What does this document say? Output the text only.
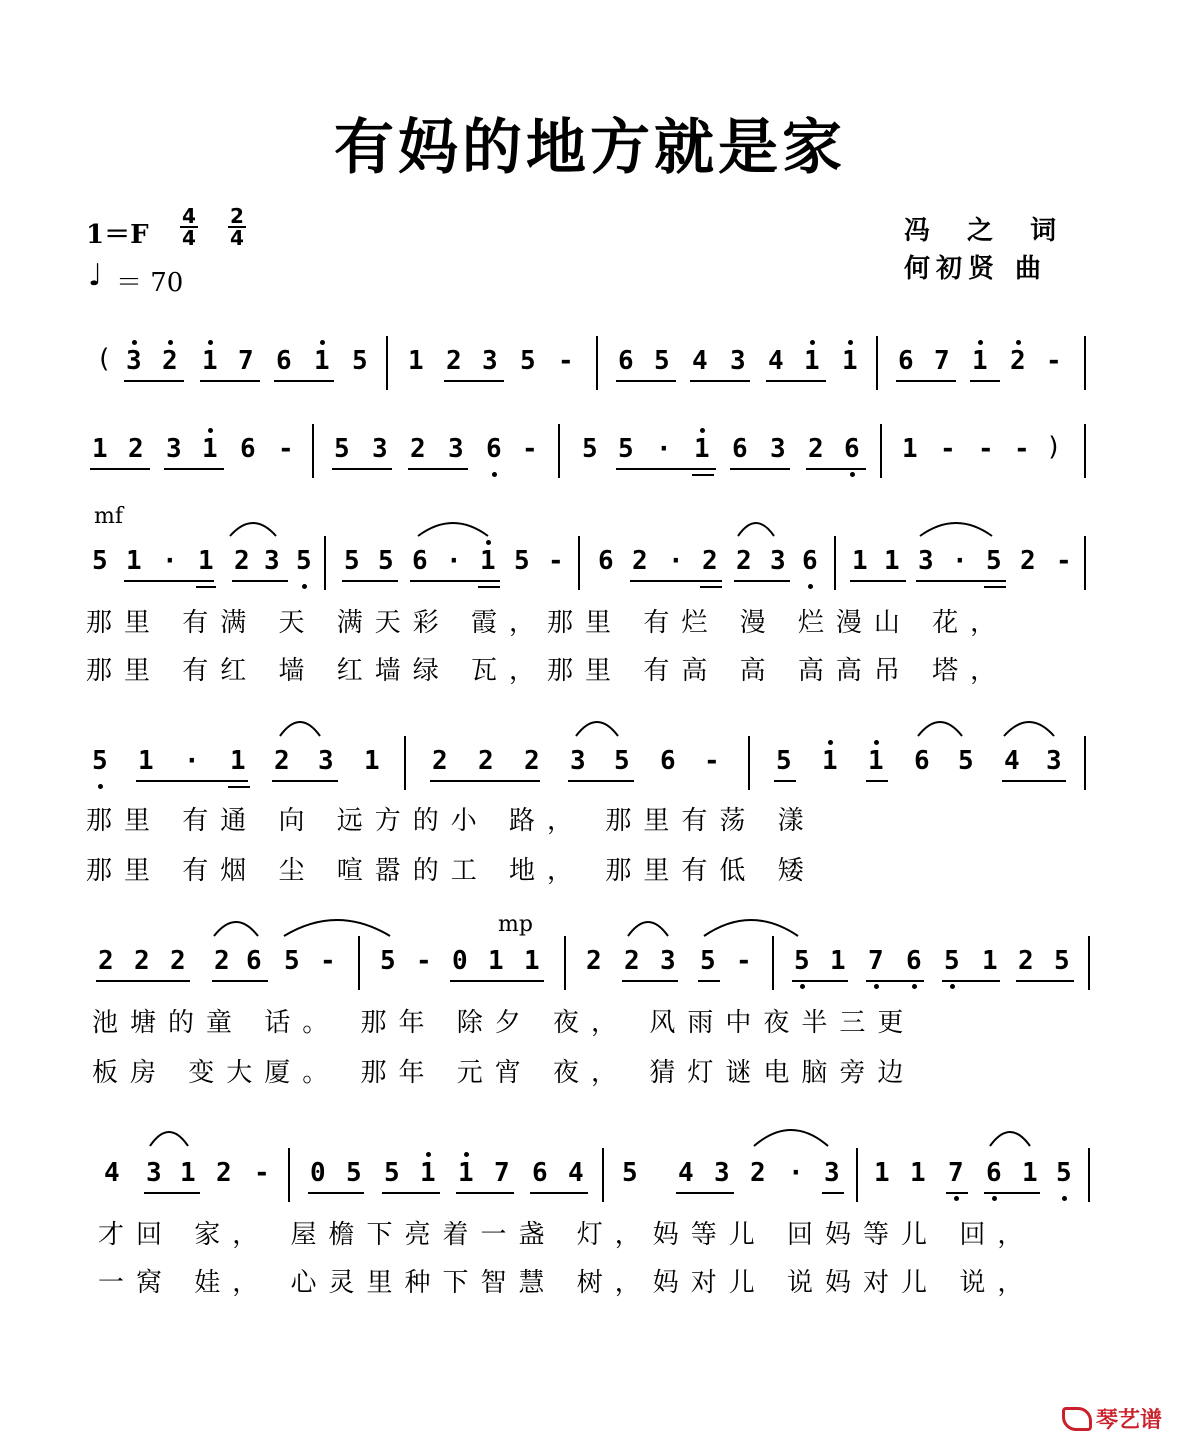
有妈的地方就是家
$1=F \frac{4}{4} \frac{2}{4}$
♩ ＝ 70
冯 之 词
何初贤 曲
( 3 2 1 7 6 1 5 1 2 3 5 - 6 5 4 3 4 1 1 6 7 1 2 -
1 2 3 1 6 - 5 3 2 3 6 - 5 5 · 1 6 3 2 6 1 - - - )
mf
5 1 · 1 2 3 5 5 5 6 · 1 5 - 6 2 · 2 2 3 6 1 1 3 · 5 2 -
那里 有满 天 满天彩 霞，那里 有烂 漫 烂漫山 花，
那里 有红 墙 红墙绿 瓦，那里 有高 高 高高吊 塔，
5 1 · 1 2 3 1 2 2 2 3 5 6 - 5 1 1 6 5 4 3
那里 有通 向 远方的小 路， 那里有荡 漾
那里 有烟 尘 喧嚣的工 地， 那里有低 矮
mp
2 2 2 2 6 5 - 5 - 0 1 1 2 2 3 5 - 5 1 7 6 5 1 2 5
池塘的童 话。 那年 除夕 夜， 风雨中夜半三更
板房 变大厦。 那年 元宵 夜， 猜灯谜电脑旁边
4 3 1 2 - 0 5 5 1 1 7 6 4 5 4 3 2 · 3 1 1 7 6 1 5
才回 家， 屋檐下亮着一盏 灯，妈等儿 回妈等儿 回，
一窝 娃， 心灵里种下智慧 树，妈对儿 说妈对儿 说，
琴艺谱
